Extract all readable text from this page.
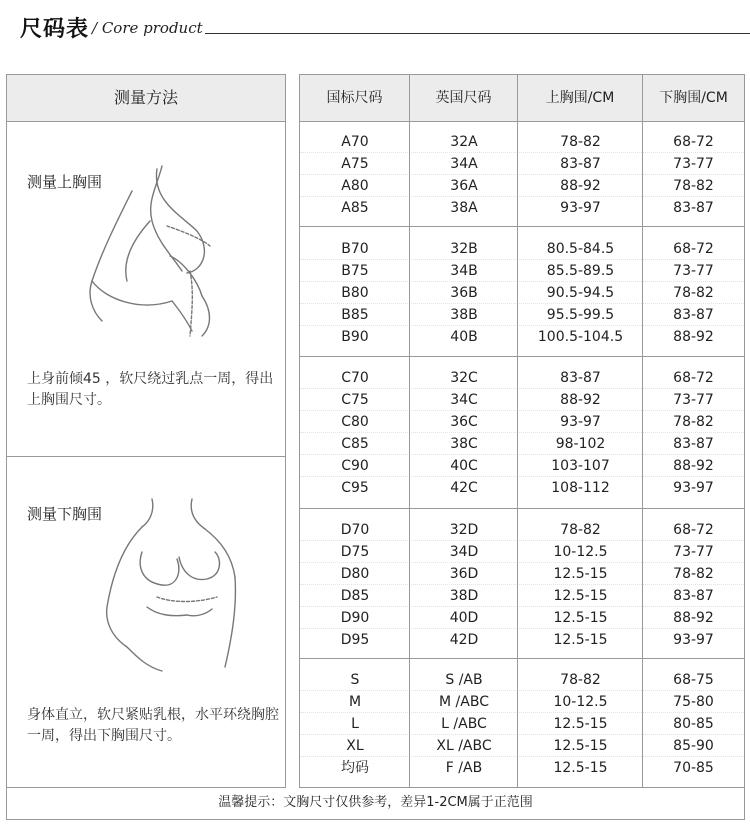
尺码表 / Core product
测量方法
测量上胸围
上身前倾45 ，软尺绕过乳点一周，得出上胸围尺寸。
测量下胸围
身体直立，软尺紧贴乳根，水平环绕胸腔一周，得出下胸围尺寸。
国标尺码	英国尺码	上胸围/CM	下胸围/CM
A70	32A	78-82	68-72
A75	34A	83-87	73-77
A80	36A	88-92	78-82
A85	38A	93-97	83-87
B70	32B	80.5-84.5	68-72
B75	34B	85.5-89.5	73-77
B80	36B	90.5-94.5	78-82
B85	38B	95.5-99.5	83-87
B90	40B	100.5-104.5	88-92
C70	32C	83-87	68-72
C75	34C	88-92	73-77
C80	36C	93-97	78-82
C85	38C	98-102	83-87
C90	40C	103-107	88-92
C95	42C	108-112	93-97
D70	32D	78-82	68-72
D75	34D	10-12.5	73-77
D80	36D	12.5-15	78-82
D85	38D	12.5-15	83-87
D90	40D	12.5-15	88-92
D95	42D	12.5-15	93-97
S	S /AB	78-82	68-75
M	M /ABC	10-12.5	75-80
L	L /ABC	12.5-15	80-85
XL	XL /ABC	12.5-15	85-90
均码	F /AB	12.5-15	70-85
温馨提示：文胸尺寸仅供参考，差异1-2CM属于正范围
